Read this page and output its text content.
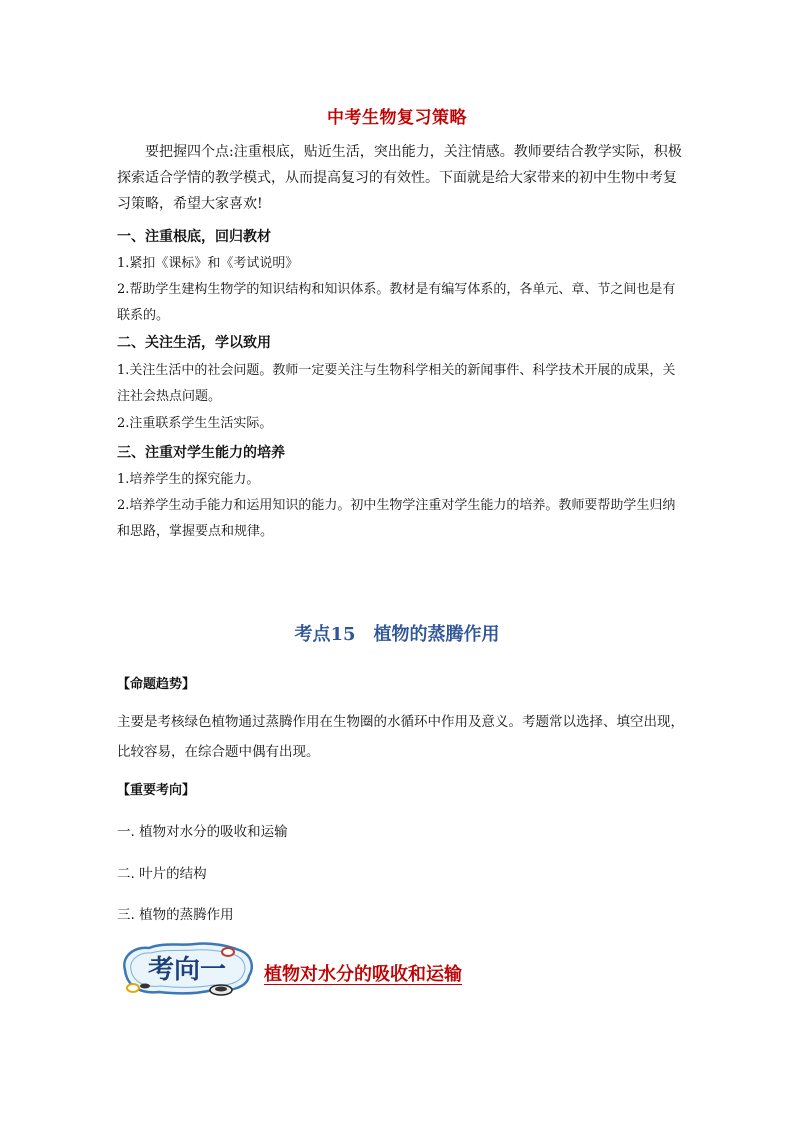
中考生物复习策略
要把握四个点:注重根底，贴近生活，突出能力，关注情感。教师要结合教学实际，积极探索适合学情的教学模式，从而提高复习的有效性。下面就是给大家带来的初中生物中考复习策略，希望大家喜欢!
一、注重根底，回归教材
1.紧扣《课标》和《考试说明》
2.帮助学生建构生物学的知识结构和知识体系。教材是有编写体系的，各单元、章、节之间也是有联系的。
二、关注生活，学以致用
1.关注生活中的社会问题。教师一定要关注与生物科学相关的新闻事件、科学技术开展的成果，关注社会热点问题。
2.注重联系学生生活实际。
三、注重对学生能力的培养
1.培养学生的探究能力。
2.培养学生动手能力和运用知识的能力。初中生物学注重对学生能力的培养。教师要帮助学生归纳和思路，掌握要点和规律。
考点15 植物的蒸腾作用
【命题趋势】
主要是考核绿色植物通过蒸腾作用在生物圈的水循环中作用及意义。考题常以选择、填空出现，比较容易，在综合题中偶有出现。
【重要考向】
一. 植物对水分的吸收和运输
二. 叶片的结构
三. 植物的蒸腾作用
考向一 植物对水分的吸收和运输
